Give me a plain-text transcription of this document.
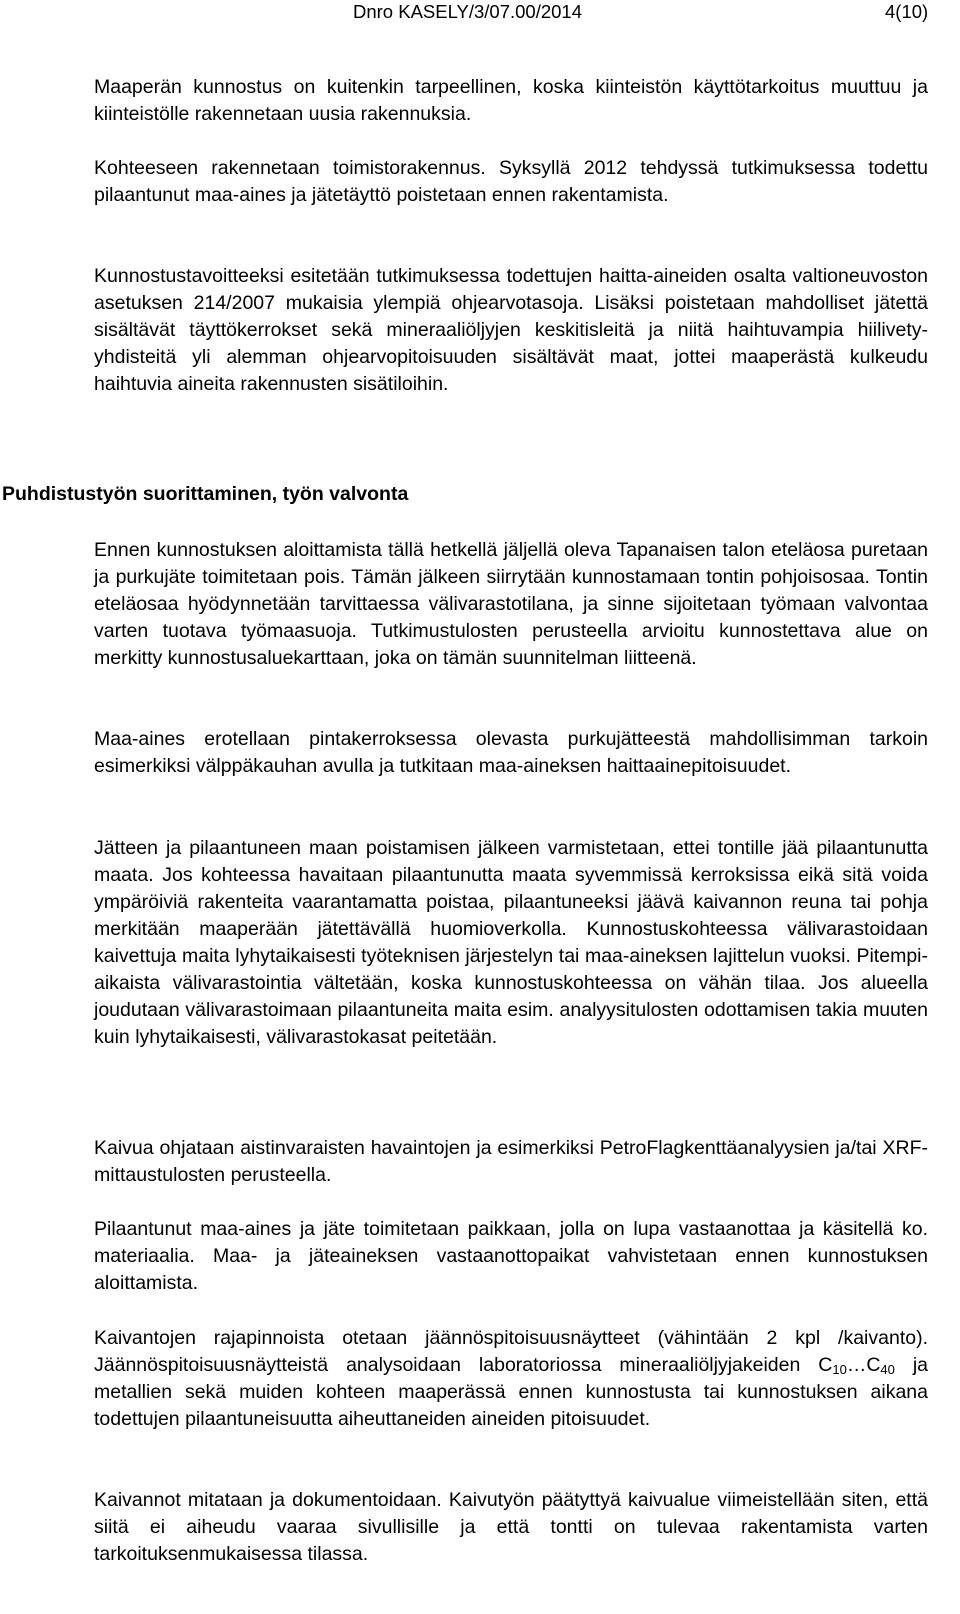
Dnro KASELY/3/07.00/2014	4(10)

Maaperän kunnostus on kuitenkin tarpeellinen, koska kiinteistön käyttötarkoitus muuttuu ja kiinteistölle rakennetaan uusia rakennuksia.

Kohteeseen rakennetaan toimistorakennus. Syksyllä 2012 tehdyssä tutkimuksessa todettu pilaantunut maa-aines ja jätetäyttö poistetaan ennen rakentamista.

Kunnostustavoitteeksi esitetään tutkimuksessa todettujen haitta-aineiden osalta valtioneuvoston asetuksen 214/2007 mukaisia ylempiä ohjearvotasoja. Lisäksi poistetaan mahdolliset jätettä sisältävät täyttökerrokset sekä mineraaliöljyjen keskitisleitä ja niitä haihtuvampia hiilivety-yhdisteitä yli alemman ohjearvopitoisuuden sisältävät maat, jottei maaperästä kulkeudu haihtuvia aineita rakennusten sisätiloihin.

Puhdistustyön suorittaminen, työn valvonta

Ennen kunnostuksen aloittamista tällä hetkellä jäljellä oleva Tapanaisen talon eteläosa puretaan ja purkujäte toimitetaan pois. Tämän jälkeen siirrytään kunnostamaan tontin pohjoisosaa. Tontin eteläosaa hyödynnetään tarvittaessa välivarastotilana, ja sinne sijoitetaan työmaan valvontaa varten tuotava työmaasuoja. Tutkimustulosten perusteella arvioitu kunnostettava alue on merkitty kunnostusaluekarttaan, joka on tämän suunnitelman liitteenä.

Maa-aines erotellaan pintakerroksessa olevasta purkujätteestä mahdollisimman tarkoin esimerkiksi välppäkauhan avulla ja tutkitaan maa-aineksen haittaainepitoisuudet.

Jätteen ja pilaantuneen maan poistamisen jälkeen varmistetaan, ettei tontille jää pilaantunutta maata. Jos kohteessa havaitaan pilaantunutta maata syvemmissä kerroksissa eikä sitä voida ympäröiviä rakenteita vaarantamatta poistaa, pilaantuneeksi jäävä kaivannon reuna tai pohja merkitään maaperään jätettävällä huomioverkolla. Kunnostuskohteessa välivarastoidaan kaivettuja maita lyhytaikaisesti työteknisen järjestelyn tai maa-aineksen lajittelun vuoksi. Pitempiaikaista välivarastointia vältetään, koska kunnostuskohteessa on vähän tilaa. Jos alueella joudutaan välivarastoimaan pilaantuneita maita esim. analyysitulosten odottamisen takia muuten kuin lyhytaikaisesti, välivarastokasat peitetään.

Kaivua ohjataan aistinvaraisten havaintojen ja esimerkiksi PetroFlagkenttäanalyysien ja/tai XRF-mittaustulosten perusteella.

Pilaantunut maa-aines ja jäte toimitetaan paikkaan, jolla on lupa vastaanottaa ja käsitellä ko. materiaalia. Maa- ja jäteaineksen vastaanottopaikat vahvistetaan ennen kunnostuksen aloittamista.

Kaivantojen rajapinnoista otetaan jäännöspitoisuusnäytteet (vähintään 2 kpl /kaivanto). Jäännöspitoisuusnäytteistä analysoidaan laboratoriossa mineraaliöljyjakeiden $C_{10}\dots C_{40}$ ja metallien sekä muiden kohteen maaperässä ennen kunnostusta tai kunnostuksen aikana todettujen pilaantuneisuutta aiheuttaneiden aineiden pitoisuudet.

Kaivannot mitataan ja dokumentoidaan. Kaivutyön päätyttyä kaivualue viimeistellään siten, että siitä ei aiheudu vaaraa sivullisille ja että tontti on tulevaa rakentamista varten tarkoituksenmukaisessa tilassa.
